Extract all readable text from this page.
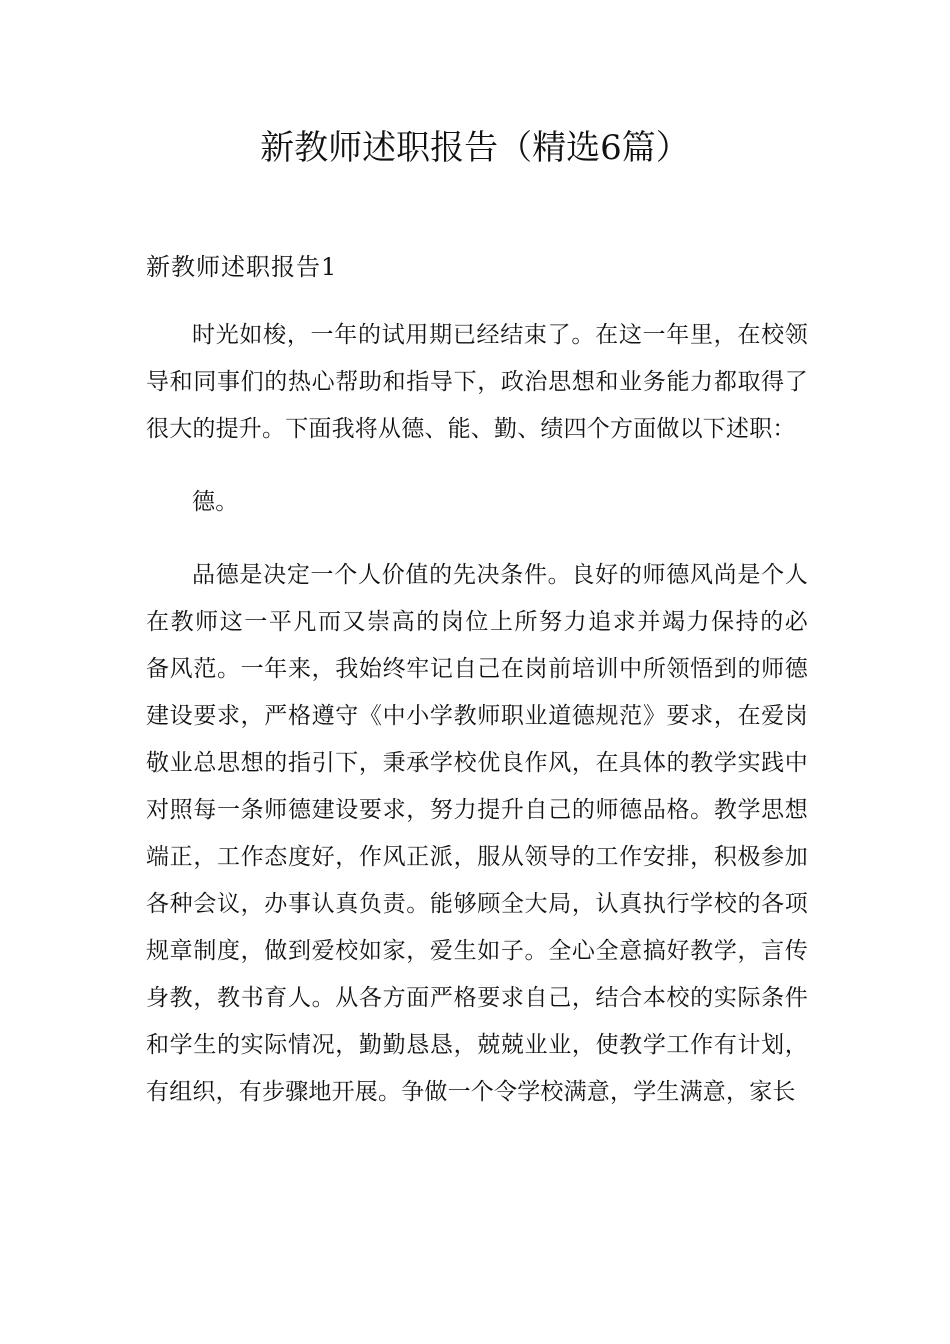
新教师述职报告（精选6篇）
新教师述职报告1
时光如梭，一年的试用期已经结束了。在这一年里，在校领
导和同事们的热心帮助和指导下，政治思想和业务能力都取得了
很大的提升。下面我将从德、能、勤、绩四个方面做以下述职：
德。
品德是决定一个人价值的先决条件。良好的师德风尚是个人
在教师这一平凡而又崇高的岗位上所努力追求并竭力保持的必
备风范。一年来，我始终牢记自己在岗前培训中所领悟到的师德
建设要求，严格遵守《中小学教师职业道德规范》要求，在爱岗
敬业总思想的指引下，秉承学校优良作风，在具体的教学实践中
对照每一条师德建设要求，努力提升自己的师德品格。教学思想
端正，工作态度好，作风正派，服从领导的工作安排，积极参加
各种会议，办事认真负责。能够顾全大局，认真执行学校的各项
规章制度，做到爱校如家，爱生如子。全心全意搞好教学，言传
身教，教书育人。从各方面严格要求自己，结合本校的实际条件
和学生的实际情况，勤勤恳恳，兢兢业业，使教学工作有计划，
有组织，有步骤地开展。争做一个令学校满意，学生满意，家长
